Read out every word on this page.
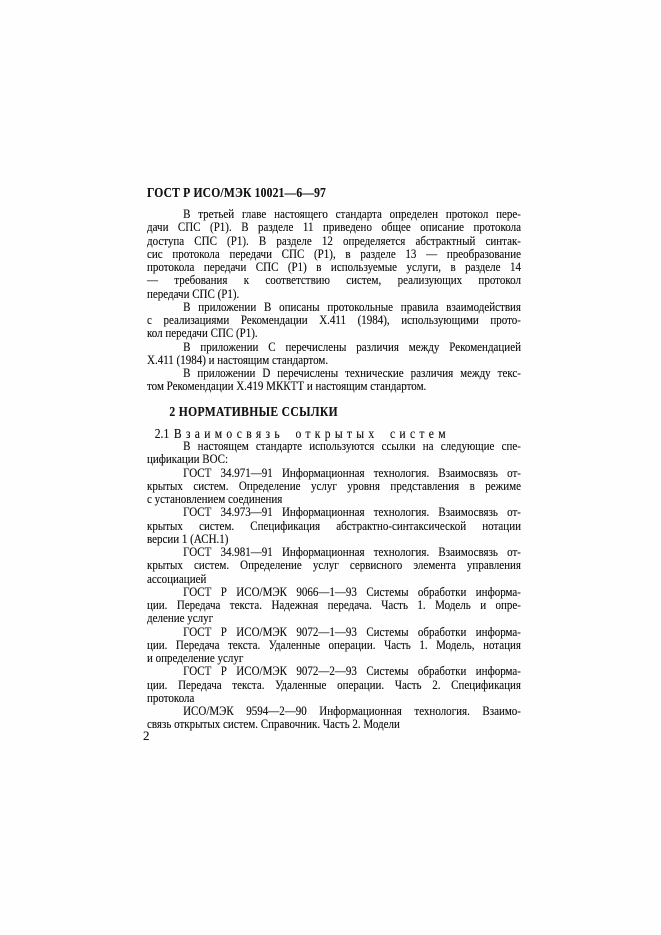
ГОСТ Р ИСО/МЭК 10021—6—97
В третьей главе настоящего стандарта определен протокол пере-
дачи СПС (Р1). В разделе 11 приведено общее описание протокола
доступа СПС (Р1). В разделе 12 определяется абстрактный синтак-
сис протокола передачи СПС (Р1), в разделе 13 — преобразование
протокола передачи СПС (Р1) в используемые услуги, в разделе 14
— требования к соответствию систем, реализующих протокол
передачи СПС (Р1).
В приложении В описаны протокольные правила взаимодействия
с реализациями Рекомендации Х.411 (1984), использующими прото-
кол передачи СПС (Р1).
В приложении С перечислены различия между Рекомендацией
Х.411 (1984) и настоящим стандартом.
В приложении D перечислены технические различия между текс-
том Рекомендации Х.419 МККТТ и настоящим стандартом.
2 НОРМАТИВНЫЕ ССЫЛКИ
2.1 Взаимосвязь открытых систем
В настоящем стандарте используются ссылки на следующие спе-
цификации ВОС:
ГОСТ 34.971—91 Информационная технология. Взаимосвязь от-
крытых систем. Определение услуг уровня представления в режиме
с установлением соединения
ГОСТ 34.973—91 Информационная технология. Взаимосвязь от-
крытых систем. Спецификация абстрактно-синтаксической нотации
версии 1 (АСН.1)
ГОСТ 34.981—91 Информационная технология. Взаимосвязь от-
крытых систем. Определение услуг сервисного элемента управления
ассоциацией
ГОСТ Р ИСО/МЭК 9066—1—93 Системы обработки информа-
ции. Передача текста. Надежная передача. Часть 1. Модель и опре-
деление услуг
ГОСТ Р ИСО/МЭК 9072—1—93 Системы обработки информа-
ции. Передача текста. Удаленные операции. Часть 1. Модель, нотация
и определение услуг
ГОСТ Р ИСО/МЭК 9072—2—93 Системы обработки информа-
ции. Передача текста. Удаленные операции. Часть 2. Спецификация
протокола
ИСО/МЭК 9594—2—90 Информационная технология. Взаимо-
связь открытых систем. Справочник. Часть 2. Модели
2
